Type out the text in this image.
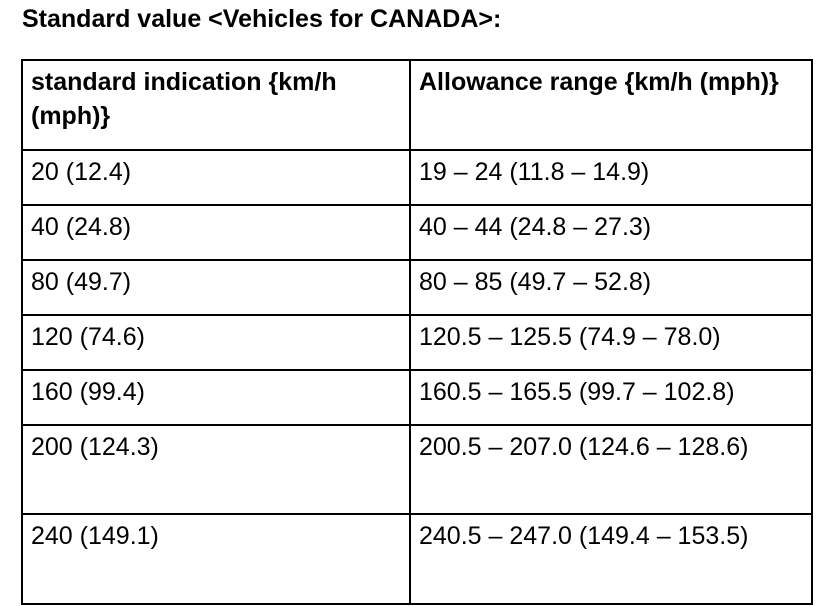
Standard value <Vehicles for CANADA>:
standard indication {km/h (mph)}	Allowance range {km/h (mph)}
20 (12.4)	19 – 24 (11.8 – 14.9)
40 (24.8)	40 – 44 (24.8 – 27.3)
80 (49.7)	80 – 85 (49.7 – 52.8)
120 (74.6)	120.5 – 125.5 (74.9 – 78.0)
160 (99.4)	160.5 – 165.5 (99.7 – 102.8)
200 (124.3)	200.5 – 207.0 (124.6 – 128.6)
240 (149.1)	240.5 – 247.0 (149.4 – 153.5)
